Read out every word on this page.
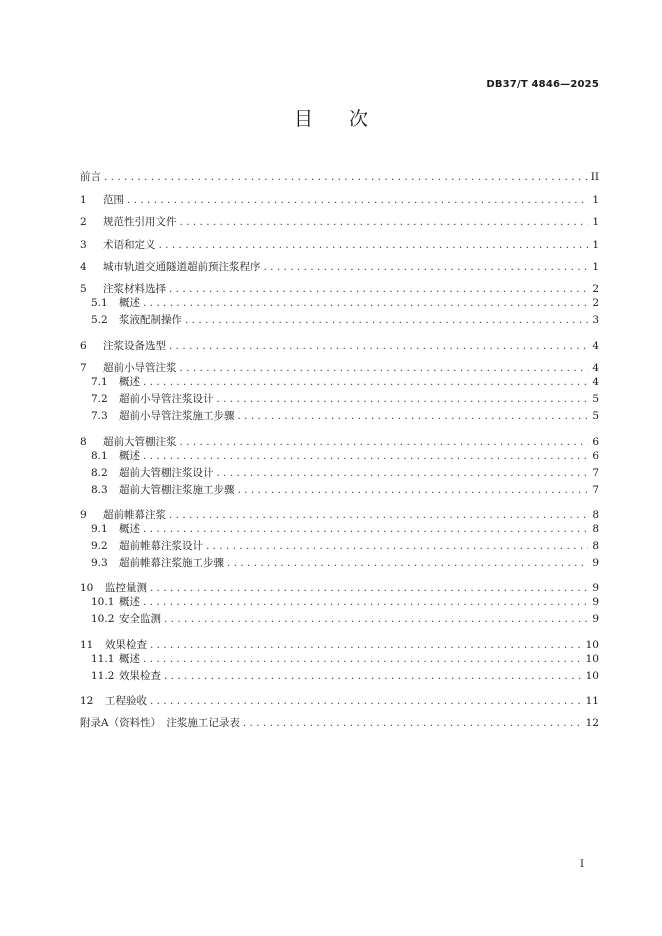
DB37/T 4846—2025
目 次
前言 . . .	II
1	范围 . . .	1
2	规范性引用文件 . . .	1
3	术语和定义 . . .	1
4	城市轨道交通隧道超前预注浆程序 . . .	1
5	注浆材料选择 . . .	2
5.1	概述 . . .	2
5.2	浆液配制操作 . . .	3
6	注浆设备选型 . . .	4
7	超前小导管注浆 . . .	4
7.1	概述 . . .	4
7.2	超前小导管注浆设计 . . .	5
7.3	超前小导管注浆施工步骤 . . .	5
8	超前大管棚注浆 . . .	6
8.1	概述 . . .	6
8.2	超前大管棚注浆设计 . . .	7
8.3	超前大管棚注浆施工步骤 . . .	7
9	超前帷幕注浆 . . .	8
9.1	概述 . . .	8
9.2	超前帷幕注浆设计 . . .	8
9.3	超前帷幕注浆施工步骤 . . .	9
10	监控量测 . . .	9
10.1 概述 . . .	9
10.2 安全监测 . . .	9
11	效果检查 . . .	10
11.1 概述 . . .	10
11.2 效果检查 . . .	10
12	工程验收 . . .	11
附录A（资料性）　注浆施工记录表 . . .	12
I
